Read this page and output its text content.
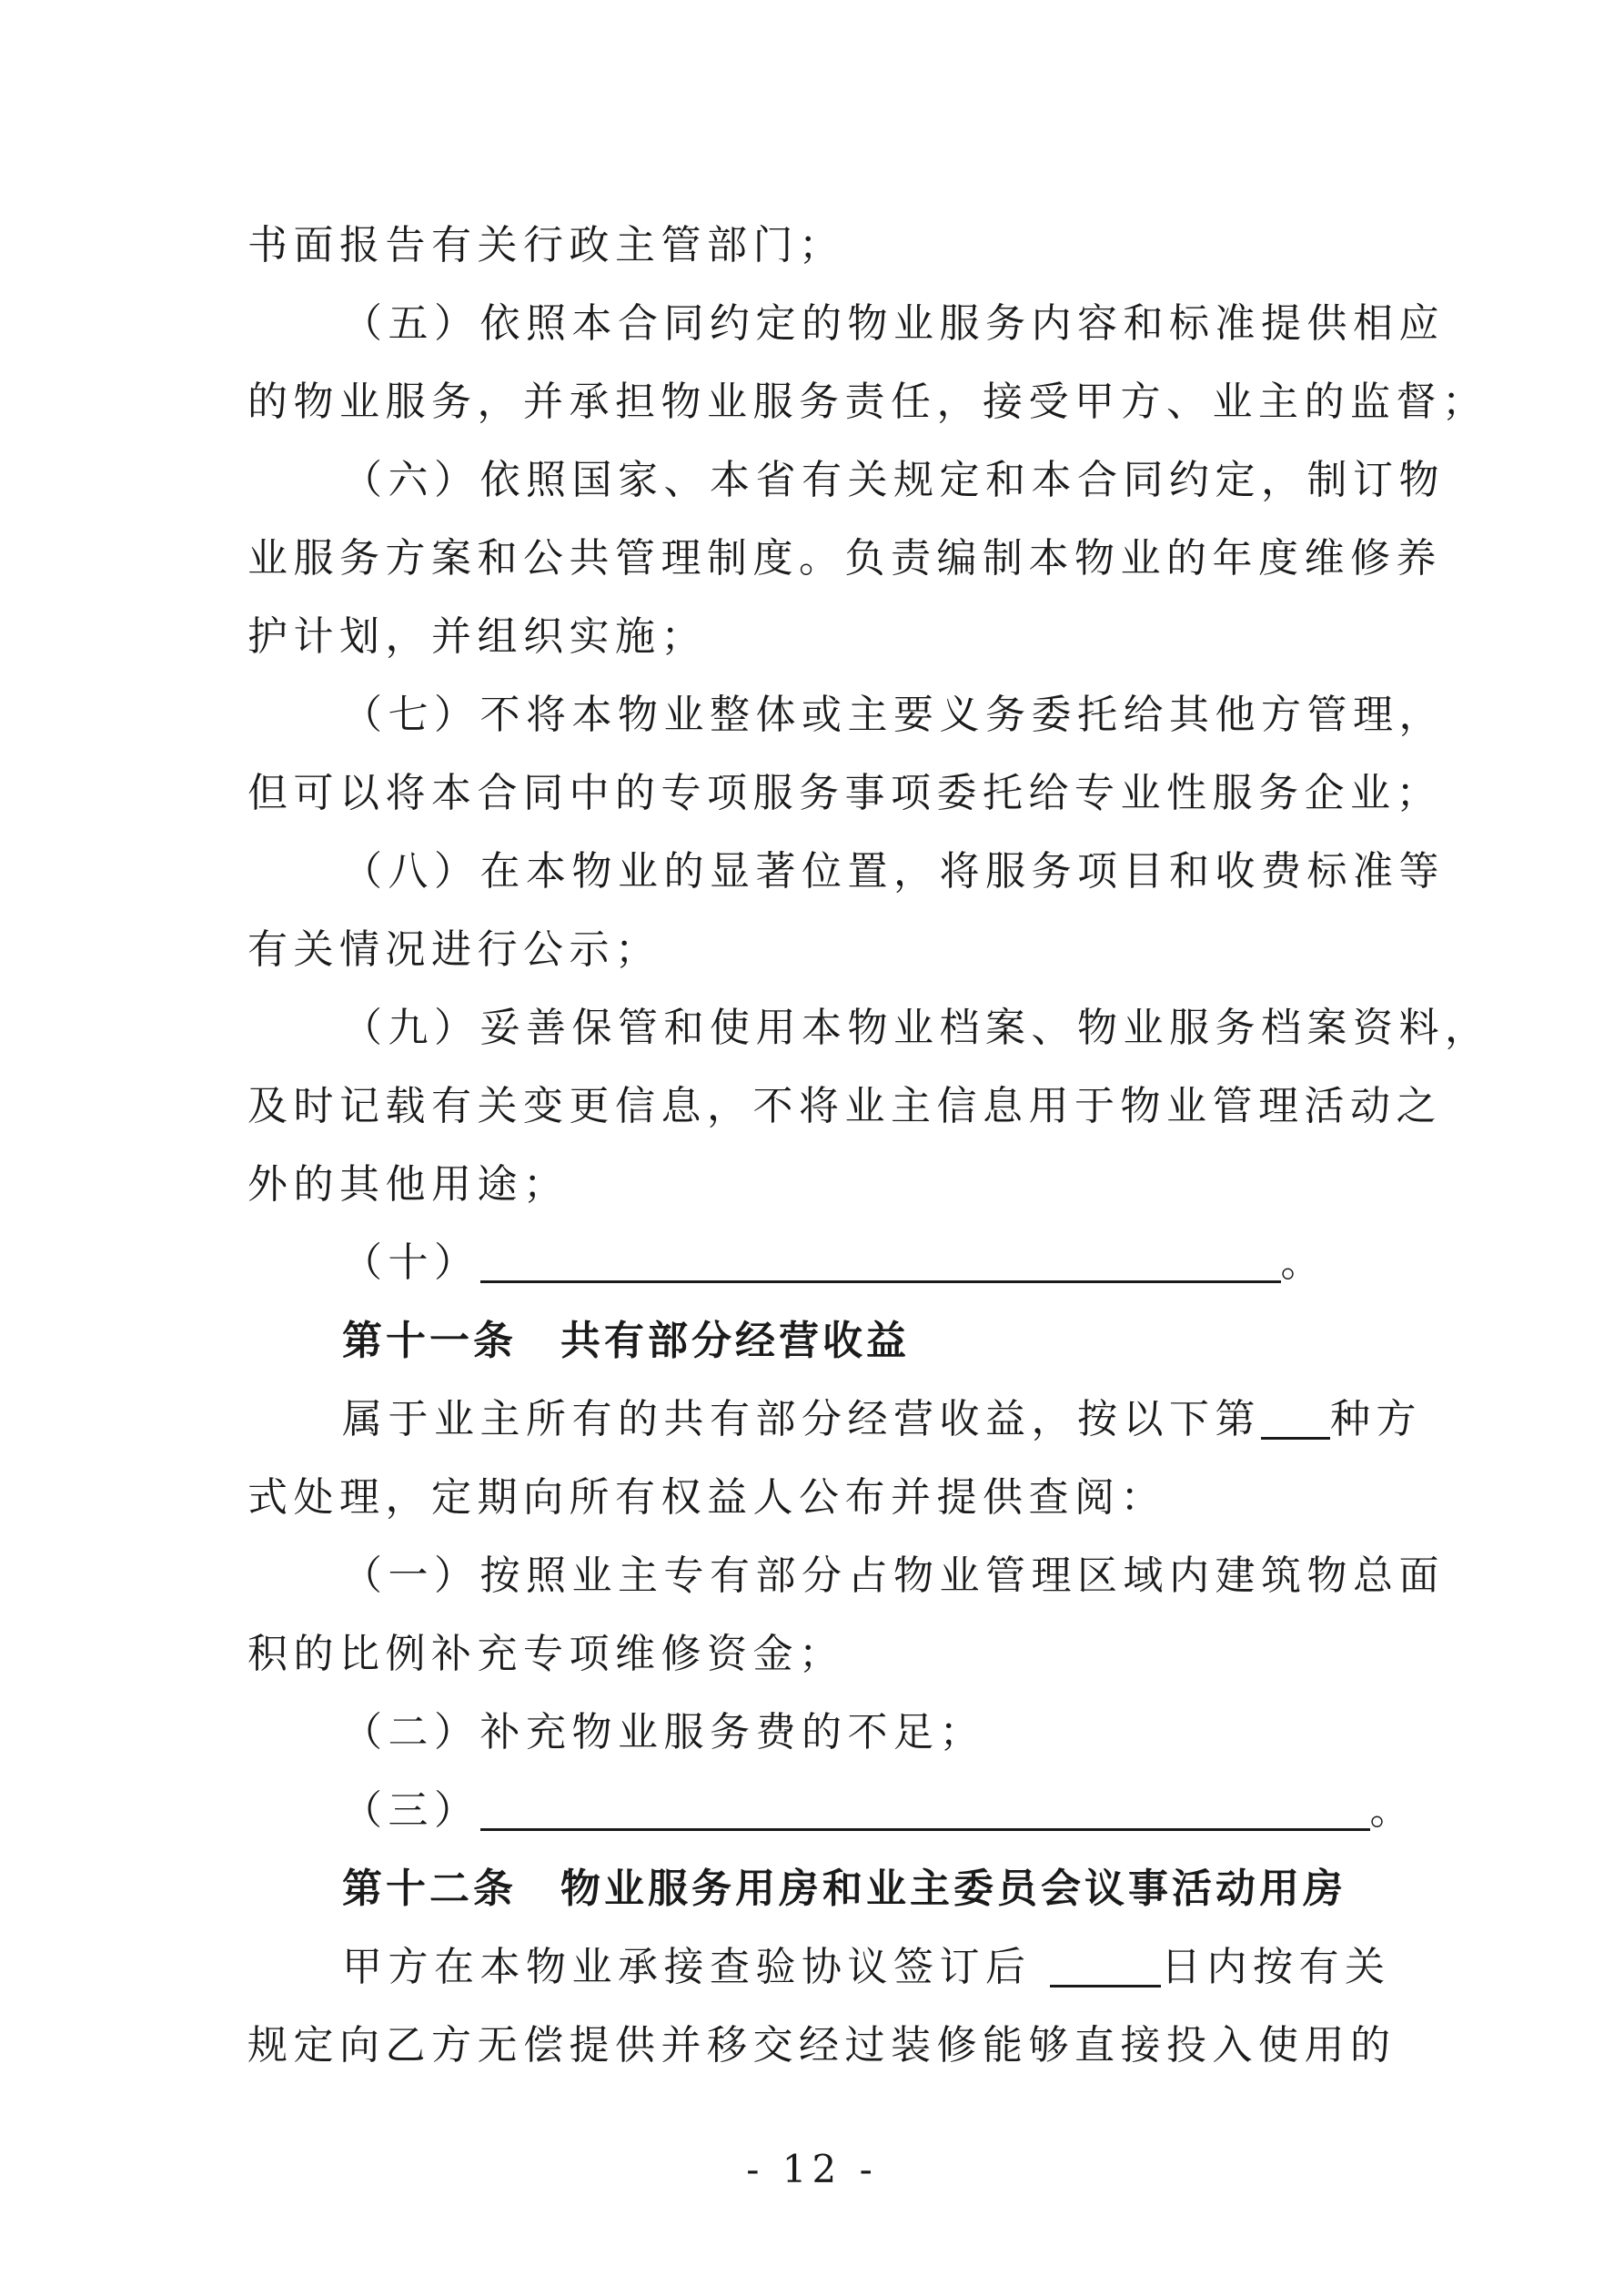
书面报告有关行政主管部门；
（五）依照本合同约定的物业服务内容和标准提供相应
的物业服务，并承担物业服务责任，接受甲方、业主的监督；
（六）依照国家、本省有关规定和本合同约定，制订物
业服务方案和公共管理制度。负责编制本物业的年度维修养
护计划，并组织实施；
（七）不将本物业整体或主要义务委托给其他方管理，
但可以将本合同中的专项服务事项委托给专业性服务企业；
（八）在本物业的显著位置，将服务项目和收费标准等
有关情况进行公示；
（九）妥善保管和使用本物业档案、物业服务档案资料，
及时记载有关变更信息，不将业主信息用于物业管理活动之
外的其他用途；
（十）	。
第十一条　共有部分经营收益
属于业主所有的共有部分经营收益，按以下第 种方
式处理，定期向所有权益人公布并提供查阅：
（一）按照业主专有部分占物业管理区域内建筑物总面
积的比例补充专项维修资金；
（二）补充物业服务费的不足；
（三）	。
第十二条　物业服务用房和业主委员会议事活动用房
甲方在本物业承接查验协议签订后	日内按有关
规定向乙方无偿提供并移交经过装修能够直接投入使用的
- 12 -
